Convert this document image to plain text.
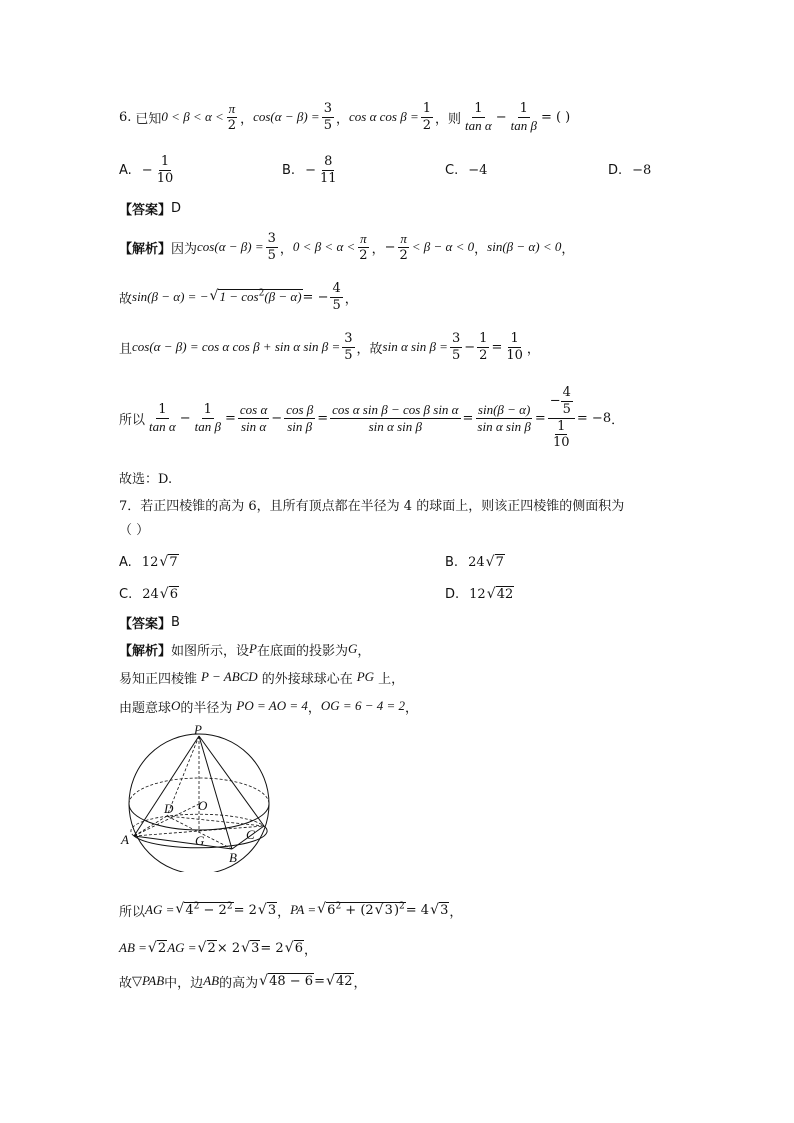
6. 已知 $0 < \beta < \alpha < \frac{\pi}{2}$ ， $\cos(\alpha - \beta) = \frac{3}{5}$ ， cos α $\cos \beta = \frac{1}{2}$ ，则 $\frac{1}{\text{tan α}} - \frac{1}{\text{tan β}}$ = ( )
A. − $\frac{1}{10}$	B. − $\frac{8}{11}$	C. −4	D. −8
【答案】 D
【解析】 因为 $\cos(\alpha - \beta) = \frac{3}{5}$ ， $0 < \beta < \alpha < \frac{\pi}{2}$ ， − $\frac{\pi}{2} < \beta - \alpha < 0$ ， sin(β − α) < 0 ，
故 sin(β − α) = −
√ $1 - \cos^2(\beta - \alpha)$ = − $\frac{4}{5}$ ，
且 cos(α − β) = cos α cos β + sin α $\sin \beta = \frac{3}{5}$ ，故 sin α $\sin \beta = \frac{3}{5} - \frac{1}{2} = \frac{1}{10}$ ，
所以 $\frac{1}{\text{tan α}} - \frac{1}{\text{tan β}} = \frac{\text{cos α}}{\text{sin α}} - \frac{\text{cos β}}{\text{sin β}} = \frac{\text{cos α sin β − cos β sin α}}{\text{sin α sin β}} = \frac{\sin(\beta - \alpha)}{\text{sin α sin β}} = \frac{- \frac{4}{5}}{\frac{1}{10}} = -8$ ．
故选：D.
7．若正四棱锥的高为 6，且所有顶点都在半径为 4 的球面上，则该正四棱锥的侧面积为
（ ）
A. 12
√ 7	B. 24
√ 7
C. 24
√ 6	D. 12
√ 42
【答案】 B
【解析】 如图所示，设 P 在底面的投影为 G ，
易知正四棱锥 P − ABCD 的外接球球心在 PG 上，
由题意球 O 的半径为 PO = AO = 4 ， OG = 6 − 4 = 2 ，
P
O
D
A	G	C
B
所以 AG =
√ $4^2 - 2^2 = 2$
√ 3 ， PA =
√ $6^2 + (2√$ 3)$^2$ = 4
√ 3 ，
AB =
√ 2 AG =
√ 2 × 2
√ 3 = 2
√ 6 ，
故 ▽PAB 中，边 AB 的高为
√ 48 − 6 =
√ 42 ，
